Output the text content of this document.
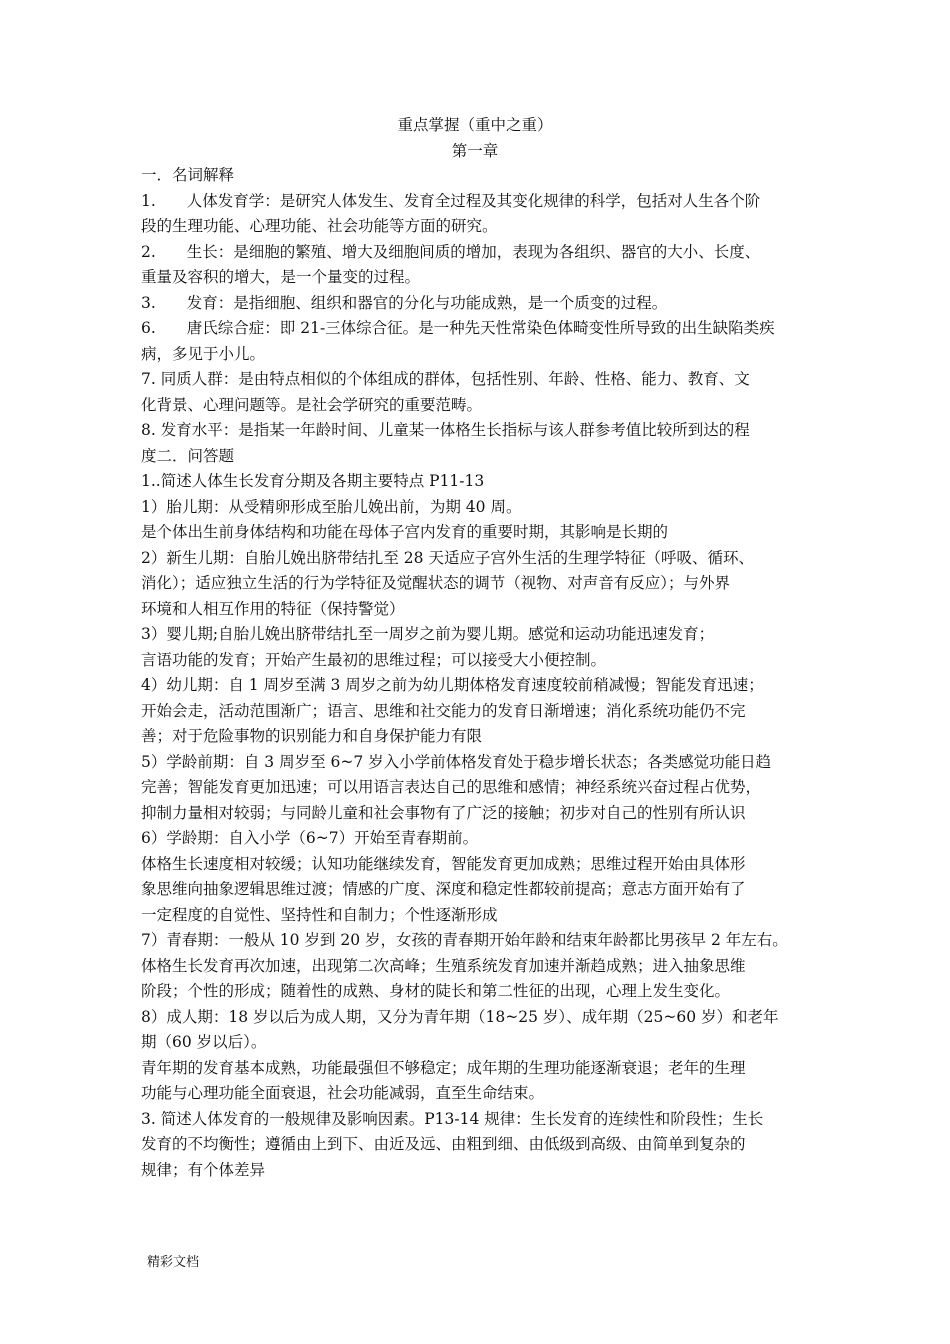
重点掌握（重中之重）
第一章
一．名词解释
1.　　人体发育学：是研究人体发生、发育全过程及其变化规律的科学，包括对人生各个阶
段的生理功能、心理功能、社会功能等方面的研究。
2.　　生长：是细胞的繁殖、增大及细胞间质的增加，表现为各组织、器官的大小、长度、
重量及容积的增大，是一个量变的过程。
3.　　发育：是指细胞、组织和器官的分化与功能成熟，是一个质变的过程。
6.　　唐氏综合症：即 21-三体综合征。是一种先天性常染色体畸变性所导致的出生缺陷类疾
病，多见于小儿。
7. 同质人群：是由特点相似的个体组成的群体，包括性别、年龄、性格、能力、教育、文
化背景、心理问题等。是社会学研究的重要范畴。
8. 发育水平：是指某一年龄时间、儿童某一体格生长指标与该人群参考值比较所到达的程
度二．问答题
1..简述人体生长发育分期及各期主要特点 P11-13
1）胎儿期：从受精卵形成至胎儿娩出前，为期 40 周。
是个体出生前身体结构和功能在母体子宫内发育的重要时期，其影响是长期的
2）新生儿期：自胎儿娩出脐带结扎至 28 天适应子宫外生活的生理学特征（呼吸、循环、
消化）；适应独立生活的行为学特征及觉醒状态的调节（视物、对声音有反应）；与外界
环境和人相互作用的特征（保持警觉）
3）婴儿期;自胎儿娩出脐带结扎至一周岁之前为婴儿期。感觉和运动功能迅速发育；
言语功能的发育；开始产生最初的思维过程；可以接受大小便控制。
4）幼儿期：自 1 周岁至满 3 周岁之前为幼儿期体格发育速度较前稍减慢；智能发育迅速；
开始会走，活动范围渐广；语言、思维和社交能力的发育日渐增速；消化系统功能仍不完
善；对于危险事物的识别能力和自身保护能力有限
5）学龄前期：自 3 周岁至 6~7 岁入小学前体格发育处于稳步增长状态；各类感觉功能日趋
完善；智能发育更加迅速；可以用语言表达自己的思维和感情；神经系统兴奋过程占优势，
抑制力量相对较弱；与同龄儿童和社会事物有了广泛的接触；初步对自己的性别有所认识
6）学龄期：自入小学（6~7）开始至青春期前。
体格生长速度相对较缓；认知功能继续发育，智能发育更加成熟；思维过程开始由具体形
象思维向抽象逻辑思维过渡；情感的广度、深度和稳定性都较前提高；意志方面开始有了
一定程度的自觉性、坚持性和自制力；个性逐渐形成
7）青春期：一般从 10 岁到 20 岁，女孩的青春期开始年龄和结束年龄都比男孩早 2 年左右。
体格生长发育再次加速，出现第二次高峰；生殖系统发育加速并渐趋成熟；进入抽象思维
阶段；个性的形成；随着性的成熟、身材的陡长和第二性征的出现，心理上发生变化。
8）成人期：18 岁以后为成人期，又分为青年期（18~25 岁）、成年期（25~60 岁）和老年
期（60 岁以后）。
青年期的发育基本成熟，功能最强但不够稳定；成年期的生理功能逐渐衰退；老年的生理
功能与心理功能全面衰退，社会功能减弱，直至生命结束。
3. 简述人体发育的一般规律及影响因素。P13-14 规律：生长发育的连续性和阶段性；生长
发育的不均衡性；遵循由上到下、由近及远、由粗到细、由低级到高级、由简单到复杂的
规律；有个体差异
精彩文档
